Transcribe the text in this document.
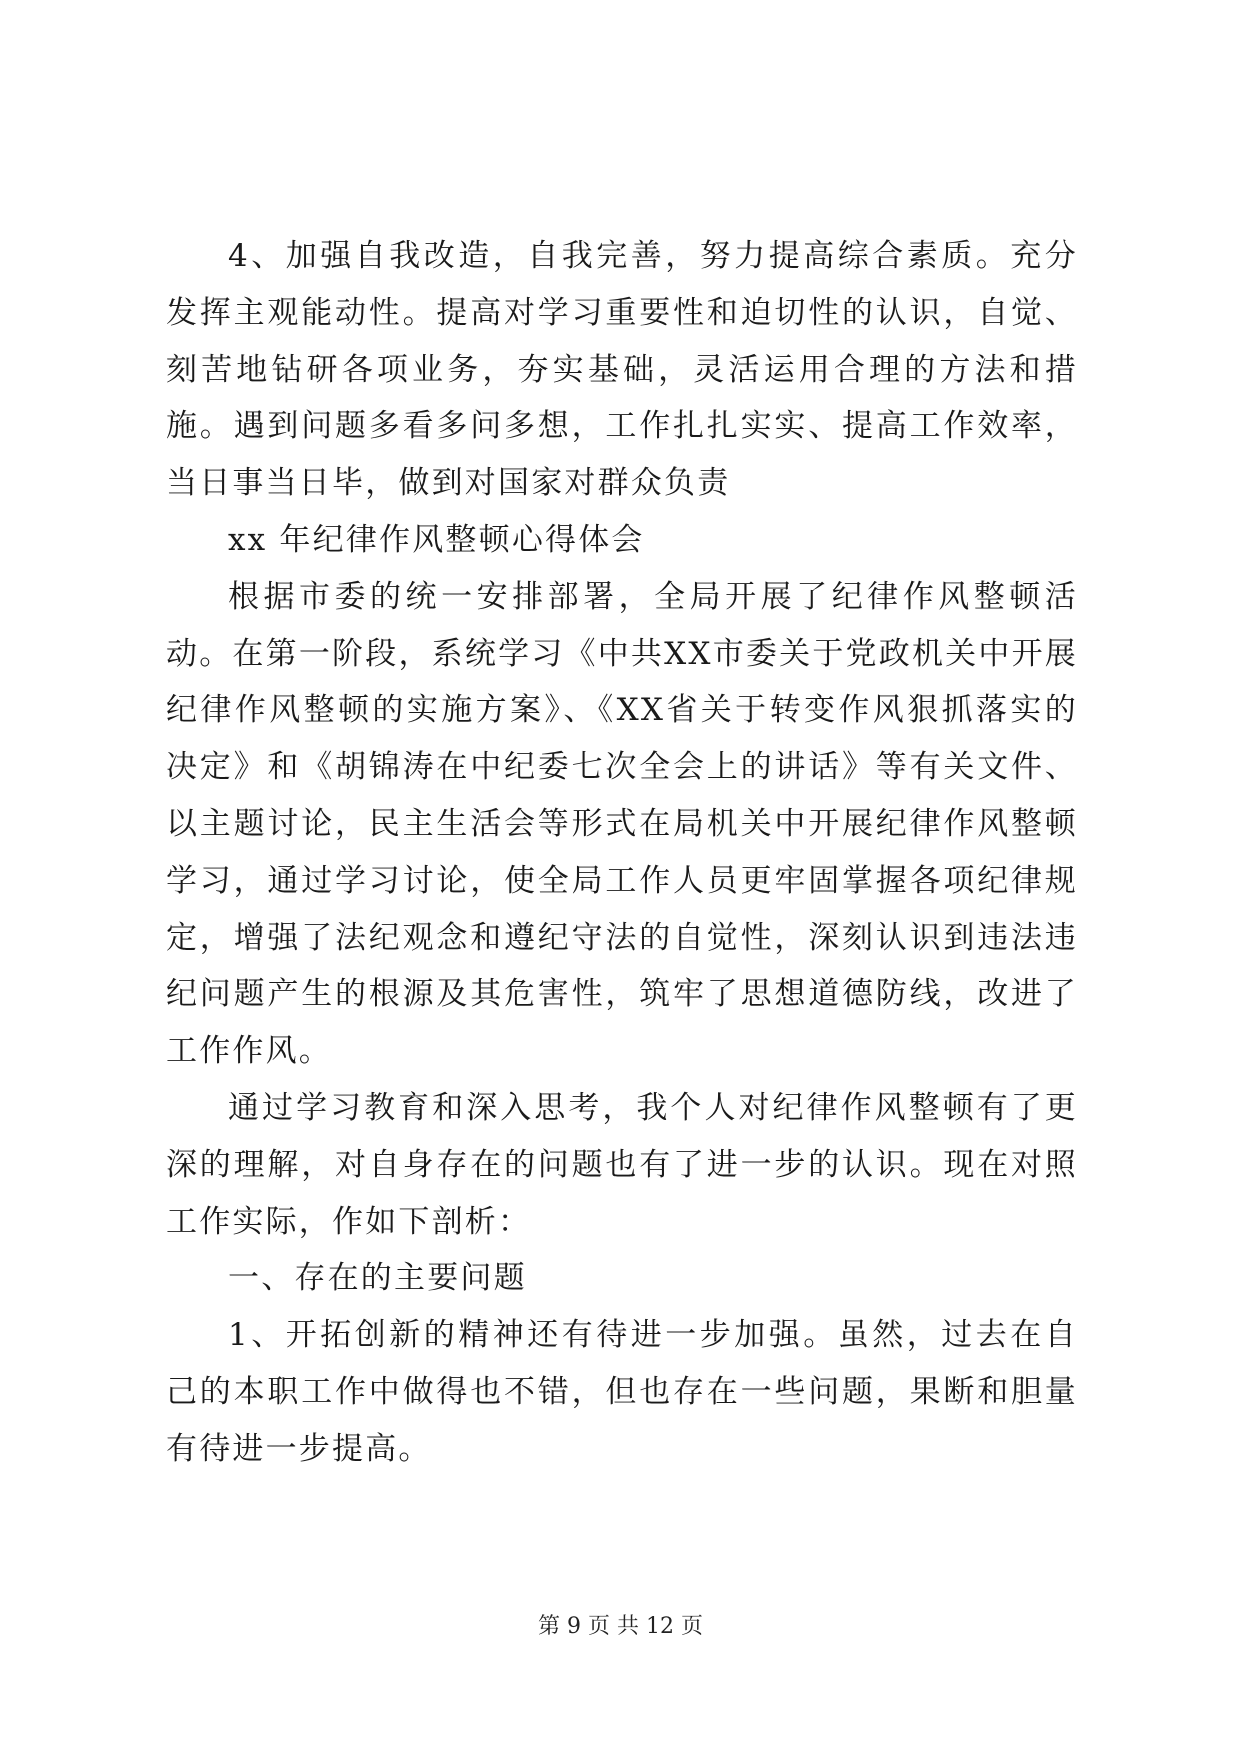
4、加强自我改造，自我完善，努力提高综合素质。充分发挥主观能动性。提高对学习重要性和迫切性的认识，自觉、刻苦地钻研各项业务，夯实基础，灵活运用合理的方法和措施。遇到问题多看多问多想，工作扎扎实实、提高工作效率，当日事当日毕，做到对国家对群众负责

xx 年纪律作风整顿心得体会

根据市委的统一安排部署，全局开展了纪律作风整顿活动。在第一阶段，系统学习《中共XX市委关于党政机关中开展纪律作风整顿的实施方案》、《XX省关于转变作风狠抓落实的决定》和《胡锦涛在中纪委七次全会上的讲话》等有关文件、以主题讨论，民主生活会等形式在局机关中开展纪律作风整顿学习，通过学习讨论，使全局工作人员更牢固掌握各项纪律规定，增强了法纪观念和遵纪守法的自觉性，深刻认识到违法违纪问题产生的根源及其危害性，筑牢了思想道德防线，改进了工作作风。

通过学习教育和深入思考，我个人对纪律作风整顿有了更深的理解，对自身存在的问题也有了进一步的认识。现在对照工作实际，作如下剖析：

一、存在的主要问题

1、开拓创新的精神还有待进一步加强。虽然，过去在自己的本职工作中做得也不错，但也存在一些问题，果断和胆量有待进一步提高。

第 9 页 共 12 页
